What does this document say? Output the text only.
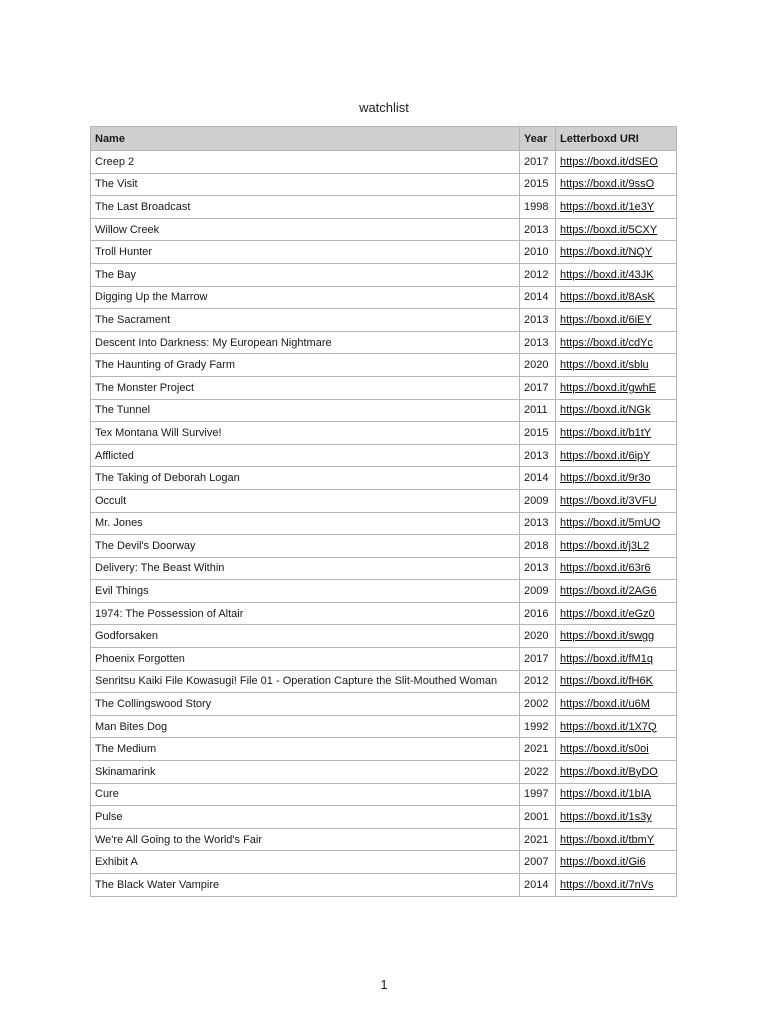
watchlist
Name	Year	Letterboxd URI
Creep 2	2017	https://boxd.it/dSEO
The Visit	2015	https://boxd.it/9ssO
The Last Broadcast	1998	https://boxd.it/1e3Y
Willow Creek	2013	https://boxd.it/5CXY
Troll Hunter	2010	https://boxd.it/NQY
The Bay	2012	https://boxd.it/43JK
Digging Up the Marrow	2014	https://boxd.it/8AsK
The Sacrament	2013	https://boxd.it/6iEY
Descent Into Darkness: My European Nightmare	2013	https://boxd.it/cdYc
The Haunting of Grady Farm	2020	https://boxd.it/sblu
The Monster Project	2017	https://boxd.it/gwhE
The Tunnel	2011	https://boxd.it/NGk
Tex Montana Will Survive!	2015	https://boxd.it/b1tY
Afflicted	2013	https://boxd.it/6ipY
The Taking of Deborah Logan	2014	https://boxd.it/9r3o
Occult	2009	https://boxd.it/3VFU
Mr. Jones	2013	https://boxd.it/5mUO
The Devil's Doorway	2018	https://boxd.it/j3L2
Delivery: The Beast Within	2013	https://boxd.it/63r6
Evil Things	2009	https://boxd.it/2AG6
1974: The Possession of Altair	2016	https://boxd.it/eGz0
Godforsaken	2020	https://boxd.it/swgg
Phoenix Forgotten	2017	https://boxd.it/fM1q
Senritsu Kaiki File Kowasugi! File 01 - Operation Capture the Slit-Mouthed Woman	2012	https://boxd.it/fH6K
The Collingswood Story	2002	https://boxd.it/u6M
Man Bites Dog	1992	https://boxd.it/1X7Q
The Medium	2021	https://boxd.it/s0oi
Skinamarink	2022	https://boxd.it/ByDO
Cure	1997	https://boxd.it/1bIA
Pulse	2001	https://boxd.it/1s3y
We're All Going to the World's Fair	2021	https://boxd.it/tbmY
Exhibit A	2007	https://boxd.it/Gi6
The Black Water Vampire	2014	https://boxd.it/7nVs
1
